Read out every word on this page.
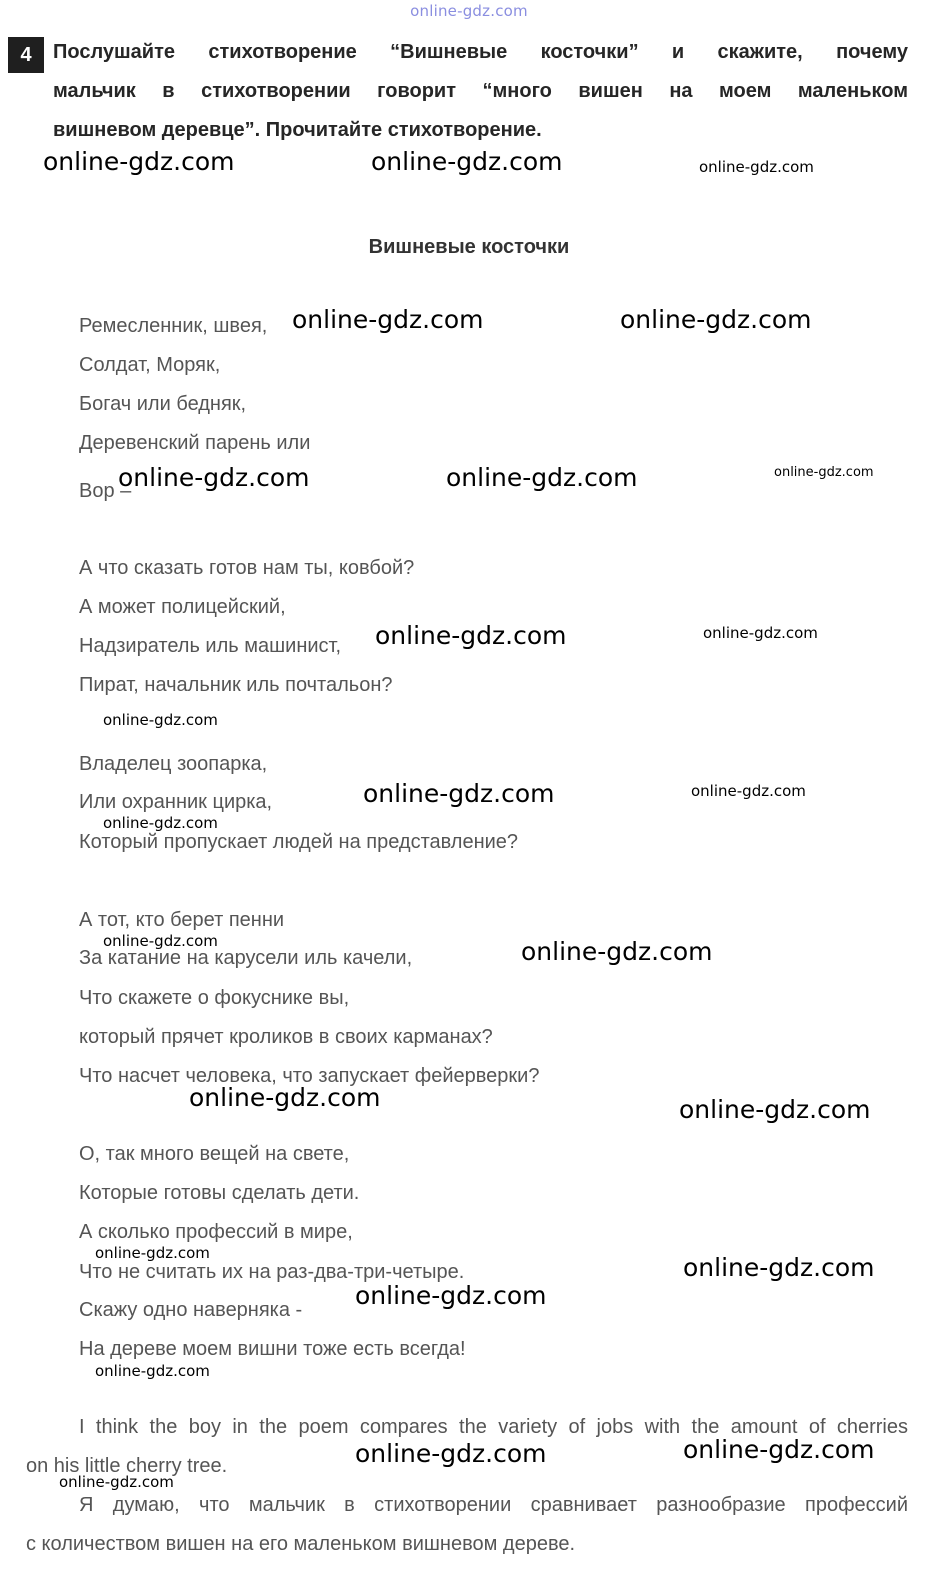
online-gdz.com
4	Послушайте стихотворение “Вишневые косточки” и скажите, почему
мальчик в стихотворении говорит “много вишен на моем маленьком
вишневом деревце”. Прочитайте стихотворение.
Вишневые косточки
Ремесленник, швея,
Солдат, Моряк,
Богач или бедняк,
Деревенский парень или
Вор –
А что сказать готов нам ты, ковбой?
А может полицейский,
Надзиратель иль машинист,
Пират, начальник иль почтальон?
Владелец зоопарка,
Или охранник цирка,
Который пропускает людей на представление?
А тот, кто берет пенни
За катание на карусели иль качели,
Что скажете о фокуснике вы,
который прячет кроликов в своих карманах?
Что насчет человека, что запускает фейерверки?
О, так много вещей на свете,
Которые готовы сделать дети.
А сколько профессий в мире,
Что не считать их на раз-два-три-четыре.
Скажу одно наверняка -
На дереве моем вишни тоже есть всегда!
I think the boy in the poem compares the variety of jobs with the amount of cherries
on his little cherry tree.
Я думаю, что мальчик в стихотворении сравнивает разнообразие профессий
с количеством вишен на его маленьком вишневом дереве.
online-gdz.com	online-gdz.com	online-gdz.com
online-gdz.com	online-gdz.com
online-gdz.com	online-gdz.com	online-gdz.com
online-gdz.com	online-gdz.com
online-gdz.com
online-gdz.com	online-gdz.com
online-gdz.com
online-gdz.com	online-gdz.com
online-gdz.com	online-gdz.com
online-gdz.com	online-gdz.com
online-gdz.com
online-gdz.com
online-gdz.com	online-gdz.com
online-gdz.com
